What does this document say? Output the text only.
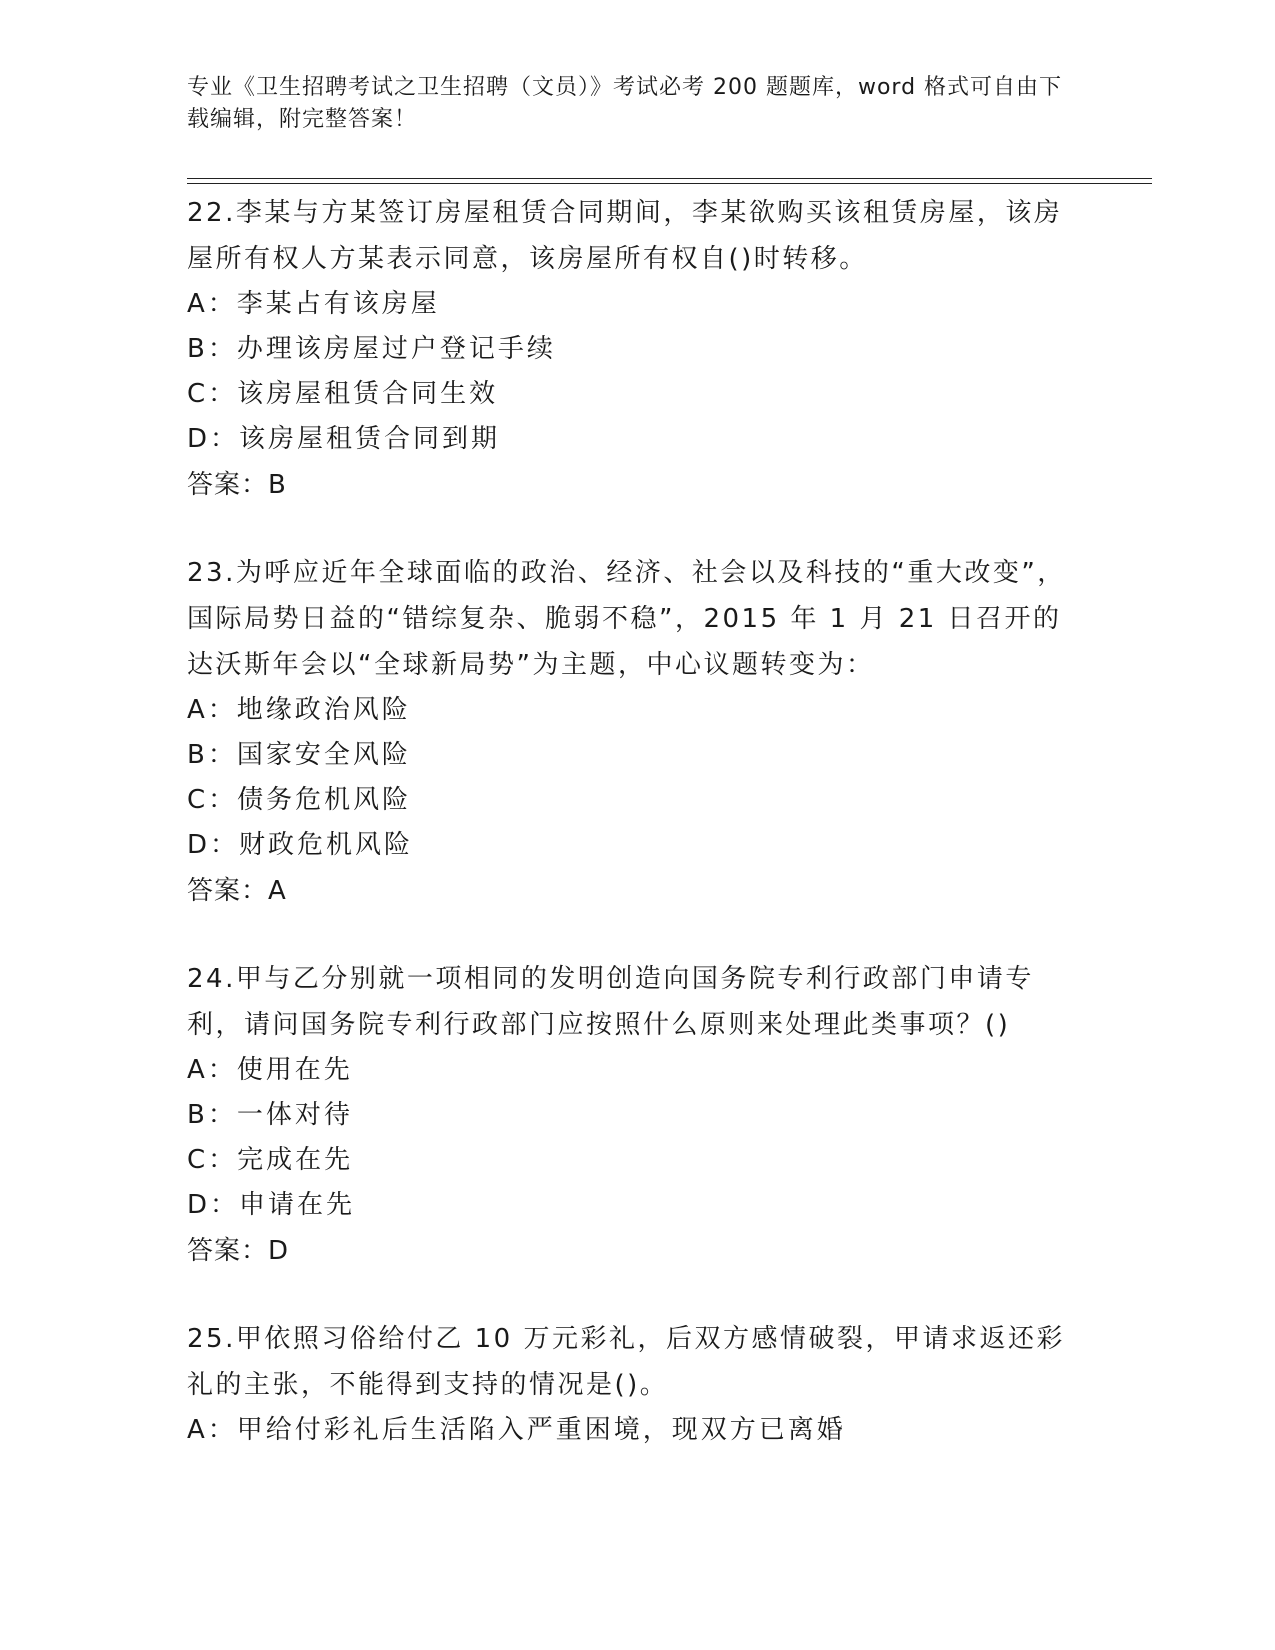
专业《卫生招聘考试之卫生招聘（文员）》考试必考 200 题题库，word 格式可自由下载编辑，附完整答案！

22.李某与方某签订房屋租赁合同期间，李某欲购买该租赁房屋，该房屋所有权人方某表示同意，该房屋所有权自()时转移。

A：李某占有该房屋

B：办理该房屋过户登记手续

C：该房屋租赁合同生效

D：该房屋租赁合同到期

答案：B

23.为呼应近年全球面临的政治、经济、社会以及科技的“重大改变”，国际局势日益的“错综复杂、脆弱不稳”，2015 年 1 月 21 日召开的达沃斯年会以“全球新局势”为主题，中心议题转变为：

A：地缘政治风险

B：国家安全风险

C：债务危机风险

D：财政危机风险

答案：A

24.甲与乙分别就一项相同的发明创造向国务院专利行政部门申请专利，请问国务院专利行政部门应按照什么原则来处理此类事项？()

A：使用在先

B：一体对待

C：完成在先

D：申请在先

答案：D

25.甲依照习俗给付乙 10 万元彩礼，后双方感情破裂，甲请求返还彩礼的主张，不能得到支持的情况是()。

A：甲给付彩礼后生活陷入严重困境，现双方已离婚
